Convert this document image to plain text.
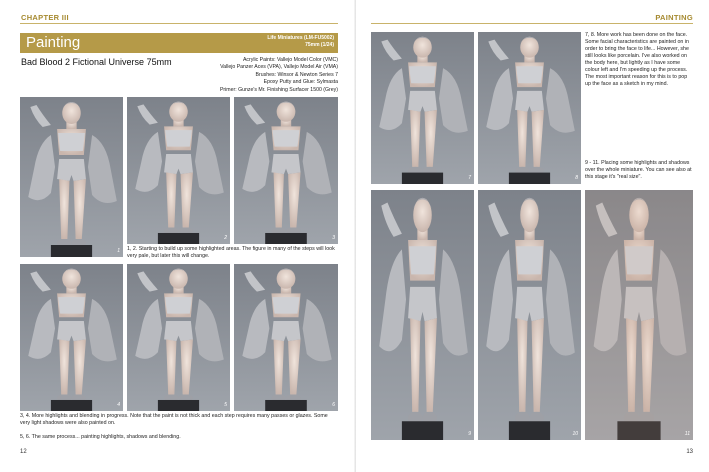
CHAPTER III
Painting	Life Miniatures (LM-FU5002)
75mm (1/24)
Bad Blood 2 Fictional Universe 75mm	Acrylic Paints: Vallejo Model Color (VMC)
Vallejo Panzer Aces (VPA), Vallejo Model Air (VMA)
Brushes: Winsor & Newton Series 7
Epoxy Putty and Glue: Sylmasta
Primer: Gunze's Mr. Finishing Surfacer 1500 (Grey)
1
2	3
1, 2. Starting to build up some highlighted areas. The figure in many of the steps will look very pale, but later this will change.
4	5	6
3, 4. More highlights and blending in progress. Note that the paint is not thick and each step requires many passes or glazes. Some very light shadows were also painted on.
5, 6. The same process... painting highlights, shadows and blending.
12
PAINTING
7	8
7, 8. More work has been done on the face. Some facial characteristics are painted on in order to bring the face to life... However, she still looks like porcelain. I've also worked on the body here, but lightly as I have some colour left and I'm speeding up the process. The most important reason for this is to pop up the face as a sketch in my mind.
9	10	11
9 - 11. Placing some highlights and shadows over the whole miniature. You can see also at this stage it's "real size".
13
